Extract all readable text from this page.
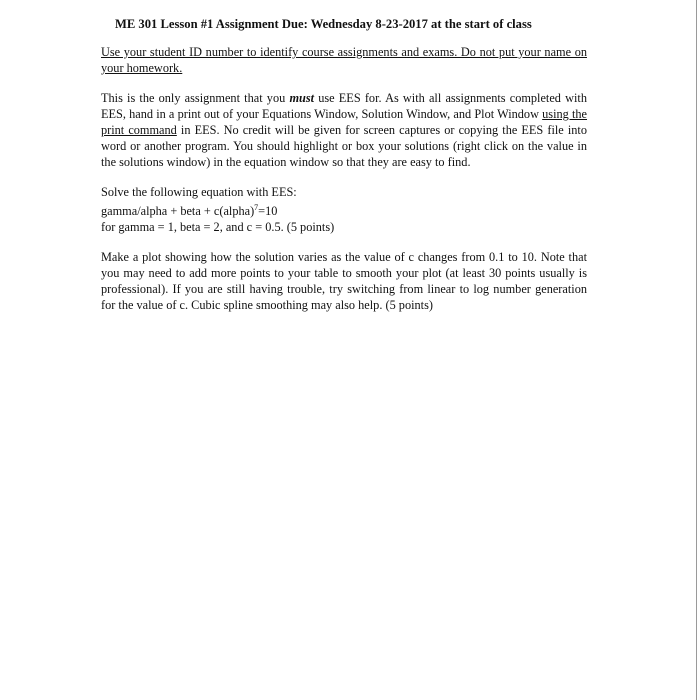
ME 301 Lesson #1 Assignment Due: Wednesday 8-23-2017 at the start of class

Use your student ID number to identify course assignments and exams. Do not put your name on your homework.

This is the only assignment that you must use EES for. As with all assignments completed with EES, hand in a print out of your Equations Window, Solution Window, and Plot Window using the print command in EES. No credit will be given for screen captures or copying the EES file into word or another program. You should highlight or box your solutions (right click on the value in the solutions window) in the equation window so that they are easy to find.

Solve the following equation with EES:
gamma/alpha + beta + c(alpha)$^7$=10
for gamma = 1, beta = 2, and c = 0.5. (5 points)

Make a plot showing how the solution varies as the value of c changes from 0.1 to 10. Note that you may need to add more points to your table to smooth your plot (at least 30 points usually is professional). If you are still having trouble, try switching from linear to log number generation for the value of c. Cubic spline smoothing may also help. (5 points)
